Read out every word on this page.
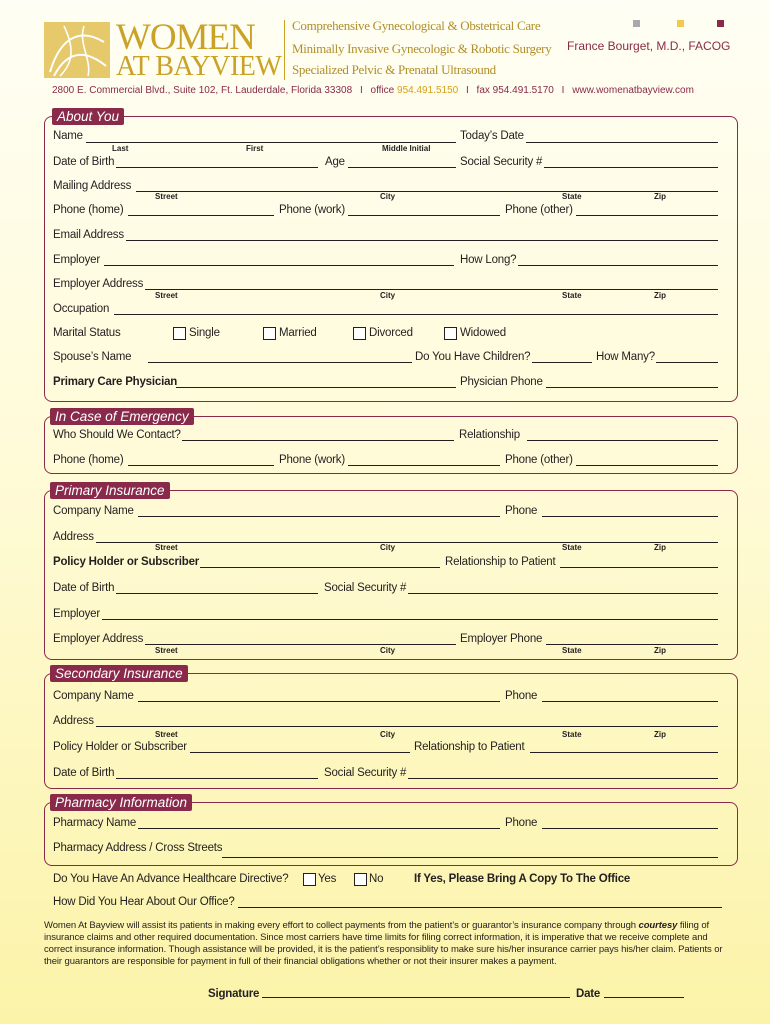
WOMEN
AT BAYVIEW
Comprehensive Gynecological & Obstetrical Care
Minimally Invasive Gynecologic & Robotic Surgery
Specialized Pelvic & Prenatal Ultrasound
France Bourget, M.D., FACOG
2800 E. Commercial Blvd., Suite 102, Ft. Lauderdale, Florida 33308 I office 954.491.5150 I fax 954.491.5170 I www.womenatbayview.com
About You
Name
Last	First	Middle Initial
Today’s Date
Date of Birth	Age	Social Security #
Mailing Address
Street	City	State	Zip
Phone (home)	Phone (work)	Phone (other)
Email Address
Employer	How Long?
Employer Address
Street	City	State	Zip
Occupation
Marital Status	Single	Married	Divorced	Widowed
Spouse’s Name	Do You Have Children?	How Many?
Primary Care Physician	Physician Phone
In Case of Emergency
Who Should We Contact?	Relationship
Phone (home)	Phone (work)	Phone (other)
Primary Insurance
Company Name	Phone
Address
Street	City	State	Zip
Policy Holder or Subscriber	Relationship to Patient
Date of Birth	Social Security #
Employer
Employer Address	Employer Phone
Street	City	State	Zip
Secondary Insurance
Company Name	Phone
Address
Street	City	State	Zip
Policy Holder or Subscriber	Relationship to Patient
Date of Birth	Social Security #
Pharmacy Information
Pharmacy Name	Phone
Pharmacy Address / Cross Streets
Do You Have An Advance Healthcare Directive?	Yes	No	If Yes, Please Bring A Copy To The Office
How Did You Hear About Our Office?
Women At Bayview will assist its patients in making every effort to collect payments from the patient’s or guarantor’s insurance company through courtesy filing of insurance claims and other required documentation. Since most carriers have time limits for filing correct information, it is imperative that we receive complete and correct insurance information. Though assistance will be provided, it is the patient’s responsiblity to make sure his/her insurance carrier pays his/her claim. Patients or their guarantors are responsible for payment in full of their financial obligations whether or not their insurer makes a payment.
Signature	Date
